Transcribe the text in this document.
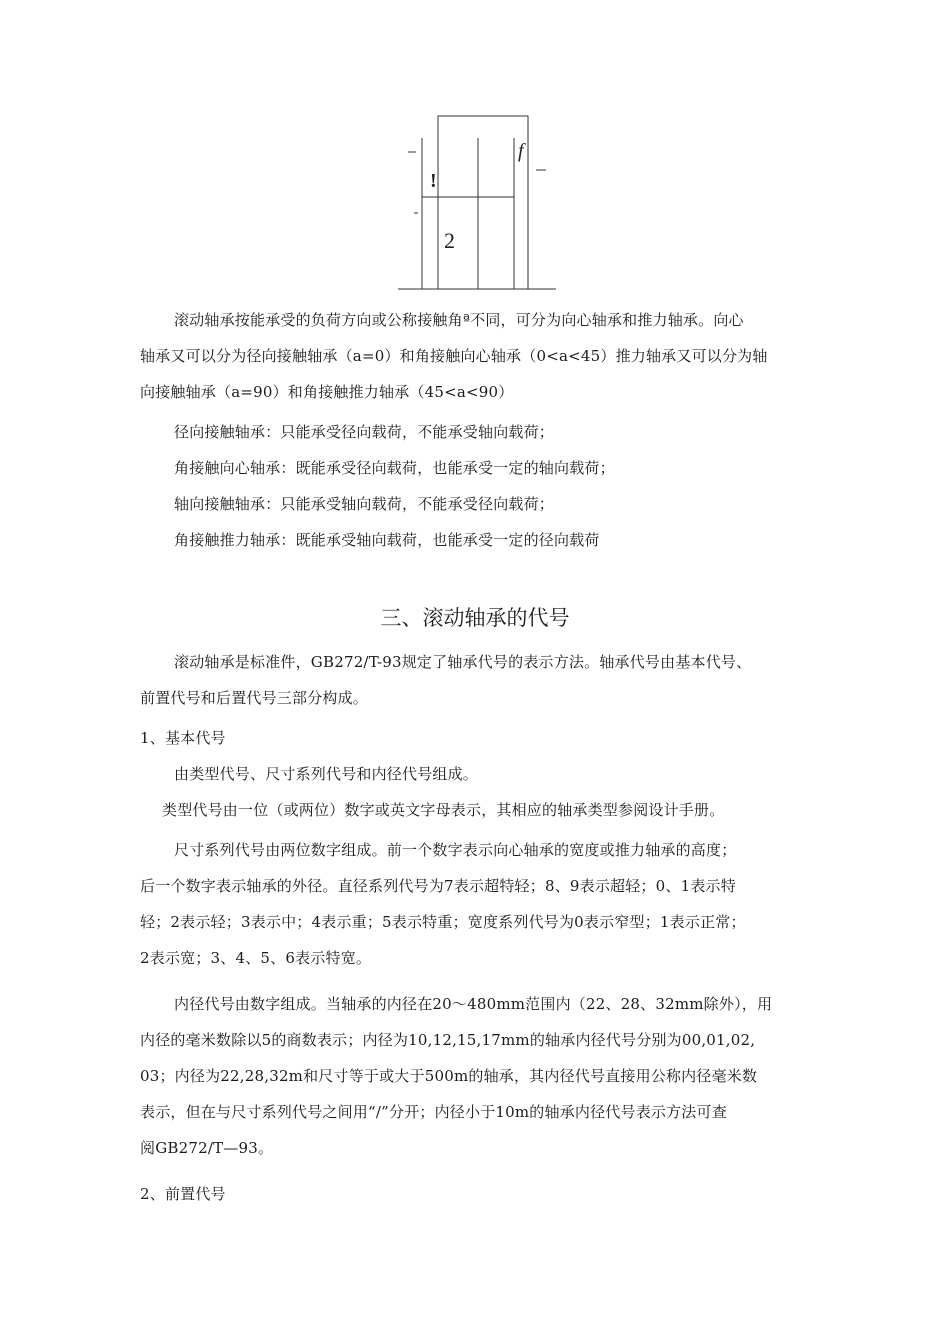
f
!
2
滚动轴承按能承受的负荷方向或公称接触角ª不同，可分为向心轴承和推力轴承。向心
轴承又可以分为径向接触轴承（a=0）和角接触向心轴承（0<a<45）推力轴承又可以分为轴
向接触轴承（a=90）和角接触推力轴承（45<a<90）
径向接触轴承：只能承受径向载荷，不能承受轴向载荷；
角接触向心轴承：既能承受径向载荷，也能承受一定的轴向载荷；
轴向接触轴承：只能承受轴向载荷，不能承受径向载荷；
角接触推力轴承：既能承受轴向载荷，也能承受一定的径向载荷
三、滚动轴承的代号
滚动轴承是标准件，GB272/T-93规定了轴承代号的表示方法。轴承代号由基本代号、
前置代号和后置代号三部分构成。
1、基本代号
由类型代号、尺寸系列代号和内径代号组成。
类型代号由一位（或两位）数字或英文字母表示，其相应的轴承类型参阅设计手册。
尺寸系列代号由两位数字组成。前一个数字表示向心轴承的宽度或推力轴承的高度；
后一个数字表示轴承的外径。直径系列代号为7表示超特轻；8、9表示超轻；0、1表示特
轻；2表示轻；3表示中；4表示重；5表示特重；宽度系列代号为0表示窄型；1表示正常；
2表示宽；3、4、5、6表示特宽。
内径代号由数字组成。当轴承的内径在20～480mm范围内（22、28、32mm除外），用
内径的毫米数除以5的商数表示；内径为10,12,15,17mm的轴承内径代号分别为00,01,02,
03；内径为22,28,32m和尺寸等于或大于500m的轴承，其内径代号直接用公称内径毫米数
表示，但在与尺寸系列代号之间用“/”分开；内径小于10m的轴承内径代号表示方法可查
阅GB272/T—93。
2、前置代号
